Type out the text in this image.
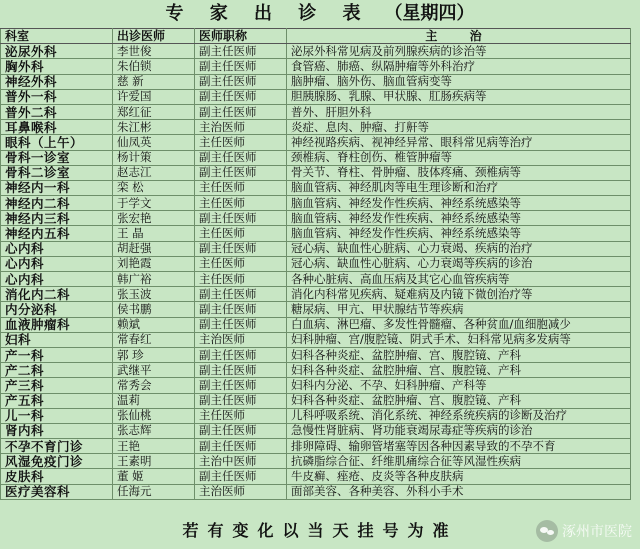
专 家 出 诊 表 （星期四）
科室	出诊医师	医师职称	主 治
泌尿外科	李世俊	副主任医师	泌尿外科常见病及前列腺疾病的诊治等
胸外科	朱伯锁	副主任医师	食管癌、肺癌、纵隔肿瘤等外科治疗
神经外科	慈 新	副主任医师	脑肿瘤、脑外伤、脑血管病变等
普外一科	许爱国	副主任医师	胆胰腺肠、乳腺、甲状腺、肛肠疾病等
普外二科	郑红征	副主任医师	普外、肝胆外科
耳鼻喉科	朱江彬	主治医师	炎症、息肉、肿瘤、打鼾等
眼科（上午）	仙凤英	主任医师	神经视路疾病、视神经异常、眼科常见病等治疗
骨科一诊室	杨计策	副主任医师	颈椎病、脊柱创伤、椎管肿瘤等
骨科二诊室	赵志江	副主任医师	骨关节、脊柱、骨肿瘤、肢体疼痛、颈椎病等
神经内一科	栾 松	主任医师	脑血管病、神经肌肉等电生理诊断和治疗
神经内二科	于学文	主任医师	脑血管病、神经发作性疾病、神经系统感染等
神经内三科	张宏艳	副主任医师	脑血管病、神经发作性疾病、神经系统感染等
神经内五科	王 晶	主任医师	脑血管病、神经发作性疾病、神经系统感染等
心内科	胡赶强	副主任医师	冠心病、缺血性心脏病、心力衰竭、疾病的治疗
心内科	刘艳霞	主任医师	冠心病、缺血性心脏病、心力衰竭等疾病的诊治
心内科	韩广裕	主任医师	各种心脏病、高血压病及其它心血管疾病等
消化内二科	张玉波	副主任医师	消化内科常见疾病、疑难病及内镜下微创治疗等
内分泌科	侯书鹏	副主任医师	糖尿病、甲亢、甲状腺结节等疾病
血液肿瘤科	赖斌	副主任医师	白血病、淋巴瘤、多发性骨髓瘤、各种贫血/血细胞减少
妇科	常春红	主治医师	妇科肿瘤、宫/腹腔镜、阴式手术、妇科常见病多发病等
产一科	郭 珍	副主任医师	妇科各种炎症、盆腔肿瘤、宫、腹腔镜、产科
产二科	武继平	副主任医师	妇科各种炎症、盆腔肿瘤、宫、腹腔镜、产科
产三科	常秀会	副主任医师	妇科内分泌、不孕、妇科肿瘤、产科等
产五科	温莉	副主任医师	妇科各种炎症、盆腔肿瘤、宫、腹腔镜、产科
儿一科	张仙桃	主任医师	儿科呼吸系统、消化系统、神经系统疾病的诊断及治疗
肾内科	张志辉	副主任医师	急慢性肾脏病、肾功能衰竭尿毒症等疾病的诊治
不孕不育门诊	王艳	副主任医师	排卵障碍、输卵管堵塞等因各种因素导致的不孕不育
风湿免疫门诊	王素明	主治中医师	抗磷脂综合征、纤维肌痛综合征等风湿性疾病
皮肤科	董 姬	副主任医师	牛皮癣、痤疮、皮炎等各种皮肤病
医疗美容科	任海元	主治医师	面部美容、各种美容、外科小手术
若有变化以当天挂号为准	涿州市医院
